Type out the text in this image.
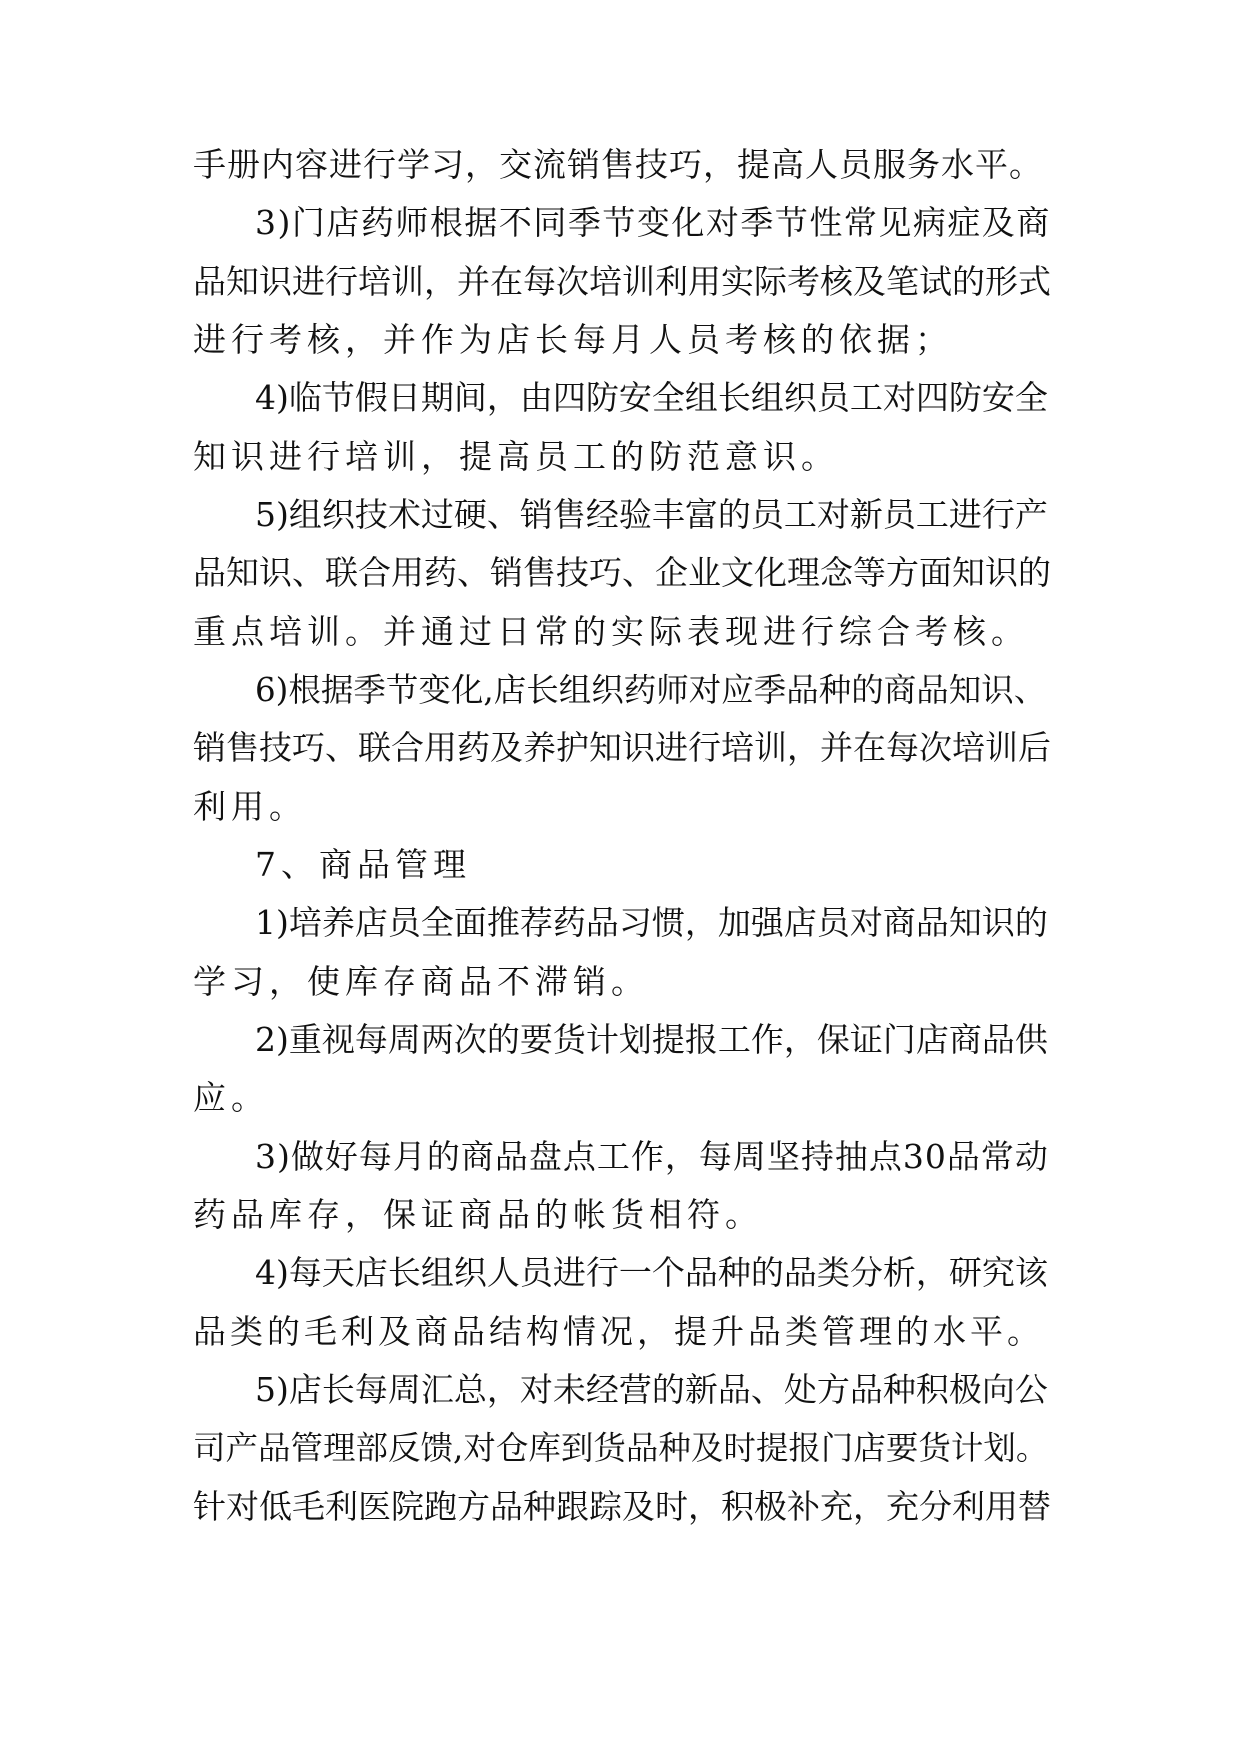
手册内容进行学习，交流销售技巧，提高人员服务水平。

3)门店药师根据不同季节变化对季节性常见病症及商

品知识进行培训，并在每次培训利用实际考核及笔试的形式

进行考核，并作为店长每月人员考核的依据；

4)临节假日期间，由四防安全组长组织员工对四防安全

知识进行培训，提高员工的防范意识。

5)组织技术过硬、销售经验丰富的员工对新员工进行产

品知识、联合用药、销售技巧、企业文化理念等方面知识的

重点培训。并通过日常的实际表现进行综合考核。

6)根据季节变化,店长组织药师对应季品种的商品知识、

销售技巧、联合用药及养护知识进行培训，并在每次培训后

利用。

7、商品管理

1)培养店员全面推荐药品习惯，加强店员对商品知识的

学习，使库存商品不滞销。

2)重视每周两次的要货计划提报工作，保证门店商品供

应。

3)做好每月的商品盘点工作，每周坚持抽点30品常动

药品库存，保证商品的帐货相符。

4)每天店长组织人员进行一个品种的品类分析，研究该

品类的毛利及商品结构情况，提升品类管理的水平。

5)店长每周汇总，对未经营的新品、处方品种积极向公

司产品管理部反馈,对仓库到货品种及时提报门店要货计划。

针对低毛利医院跑方品种跟踪及时，积极补充，充分利用替
